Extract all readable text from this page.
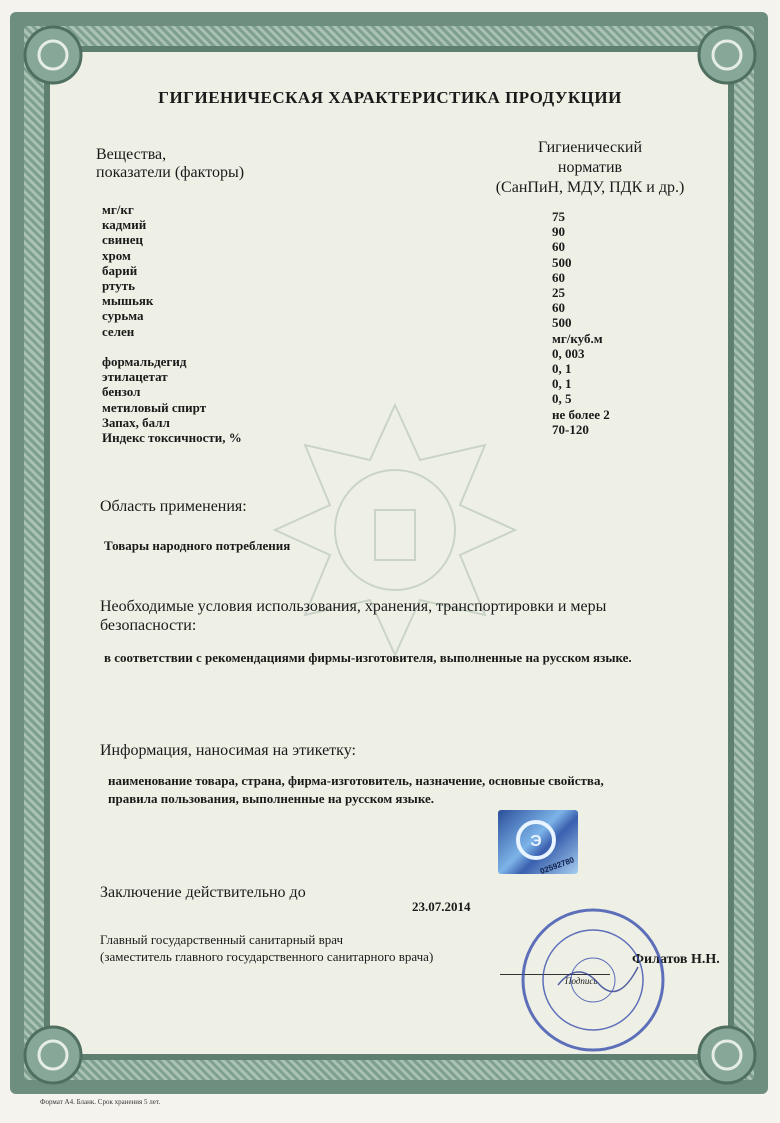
ГИГИЕНИЧЕСКАЯ ХАРАКТЕРИСТИКА ПРОДУКЦИИ
Вещества,
показатели (факторы)
Гигиенический
норматив
(СанПиН, МДУ, ПДК и др.)
мг/кг
кадмий
свинец
хром
барий
ртуть
мышьяк
сурьма
селен
формальдегид
этилацетат
бензол
метиловый спирт
Запах, балл
Индекс токсичности, %
75
90
60
500
60
25
60
500
мг/куб.м
0, 003
0, 1
0, 1
0, 5
не более 2
70-120
Область применения:
Товары народного потребления
Необходимые условия использования, хранения, транспортировки и меры
безопасности:
в соответствии с рекомендациями фирмы-изготовителя, выполненные на русском языке.
Информация, наносимая на этикетку:
наименование товара, страна, фирма-изготовитель, назначение, основные свойства,
правила пользования, выполненные на русском языке.
Э
02592780
Заключение действительно до
23.07.2014
Главный государственный санитарный врач
(заместитель главного государственного санитарного врача)
Подпись
Филатов Н.Н.
Формат А4. Бланк. Срок хранения 5 лет.
